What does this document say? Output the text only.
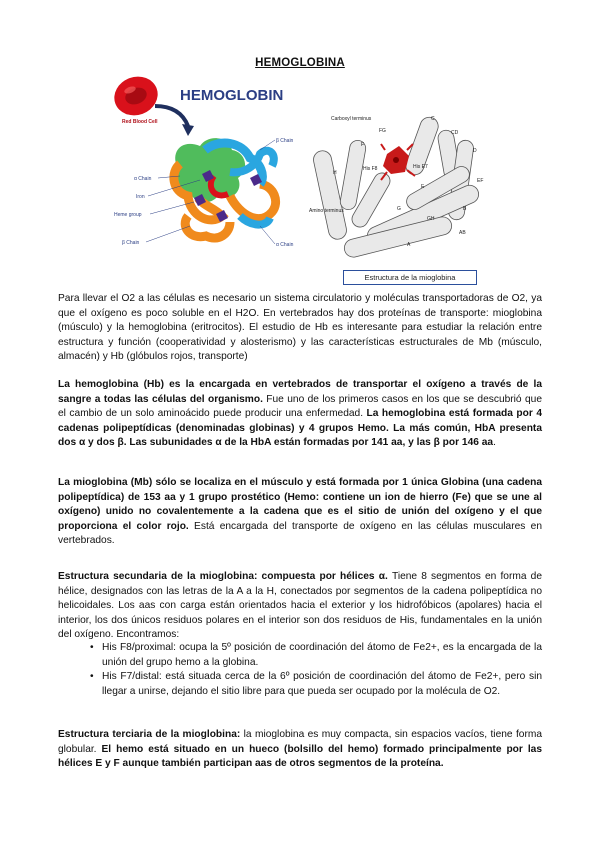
HEMOGLOBINA
Red Blood Cell
HEMOGLOBIN
α Chain
Iron
Heme group
β Chain
β Chain
α Chain
Carboxyl terminus
FG
C
CD
F
His F8	His E7
H
D
E
Amino terminus
EF
GH
G
AB
A
B
Estructura de la mioglobina
Para llevar el O2 a las células es necesario un sistema circulatorio y moléculas transportadoras de O2, ya que el oxígeno es poco soluble en el H2O. En vertebrados hay dos proteínas de transporte: mioglobina (músculo) y la hemoglobina (eritrocitos). El estudio de Hb es interesante para estudiar la relación entre estructura y función (cooperatividad y alosterismo) y las características estructurales de Mb (músculo, almacén) y Hb (glóbulos rojos, transporte)
La hemoglobina (Hb) es la encargada en vertebrados de transportar el oxígeno a través de la sangre a todas las células del organismo. Fue uno de los primeros casos en los que se descubrió que el cambio de un solo aminoácido puede producir una enfermedad. La hemoglobina está formada por 4 cadenas polipeptídicas (denominadas globinas) y 4 grupos Hemo. La más común, HbA presenta dos α y dos β. Las subunidades α de la HbA están formadas por 141 aa, y las β por 146 aa.
La mioglobina (Mb) sólo se localiza en el músculo y está formada por 1 única Globina (una cadena polipeptídica) de 153 aa y 1 grupo prostético (Hemo: contiene un ion de hierro (Fe) que se une al oxígeno) unido no covalentemente a la cadena que es el sitio de unión del oxígeno y el que proporciona el color rojo. Está encargada del transporte de oxígeno en las células musculares en vertebrados.
Estructura secundaria de la mioglobina: compuesta por hélices α. Tiene 8 segmentos en forma de hélice, designados con las letras de la A a la H, conectados por segmentos de la cadena polipeptídica no helicoidales. Los aas con carga están orientados hacia el exterior y los hidrofóbicos (apolares) hacia el interior, los dos únicos residuos polares en el interior son dos residuos de His, fundamentales en la unión del oxígeno. Encontramos:
• His F8/proximal: ocupa la 5º posición de coordinación del átomo de Fe2+, es la encargada de la unión del grupo hemo a la globina.
• His F7/distal: está situada cerca de la 6º posición de coordinación del átomo de Fe2+, pero sin llegar a unirse, dejando el sitio libre para que pueda ser ocupado por la molécula de O2.
Estructura terciaria de la mioglobina: la mioglobina es muy compacta, sin espacios vacíos, tiene forma globular. El hemo está situado en un hueco (bolsillo del hemo) formado principalmente por las hélices E y F aunque también participan aas de otros segmentos de la proteína.
